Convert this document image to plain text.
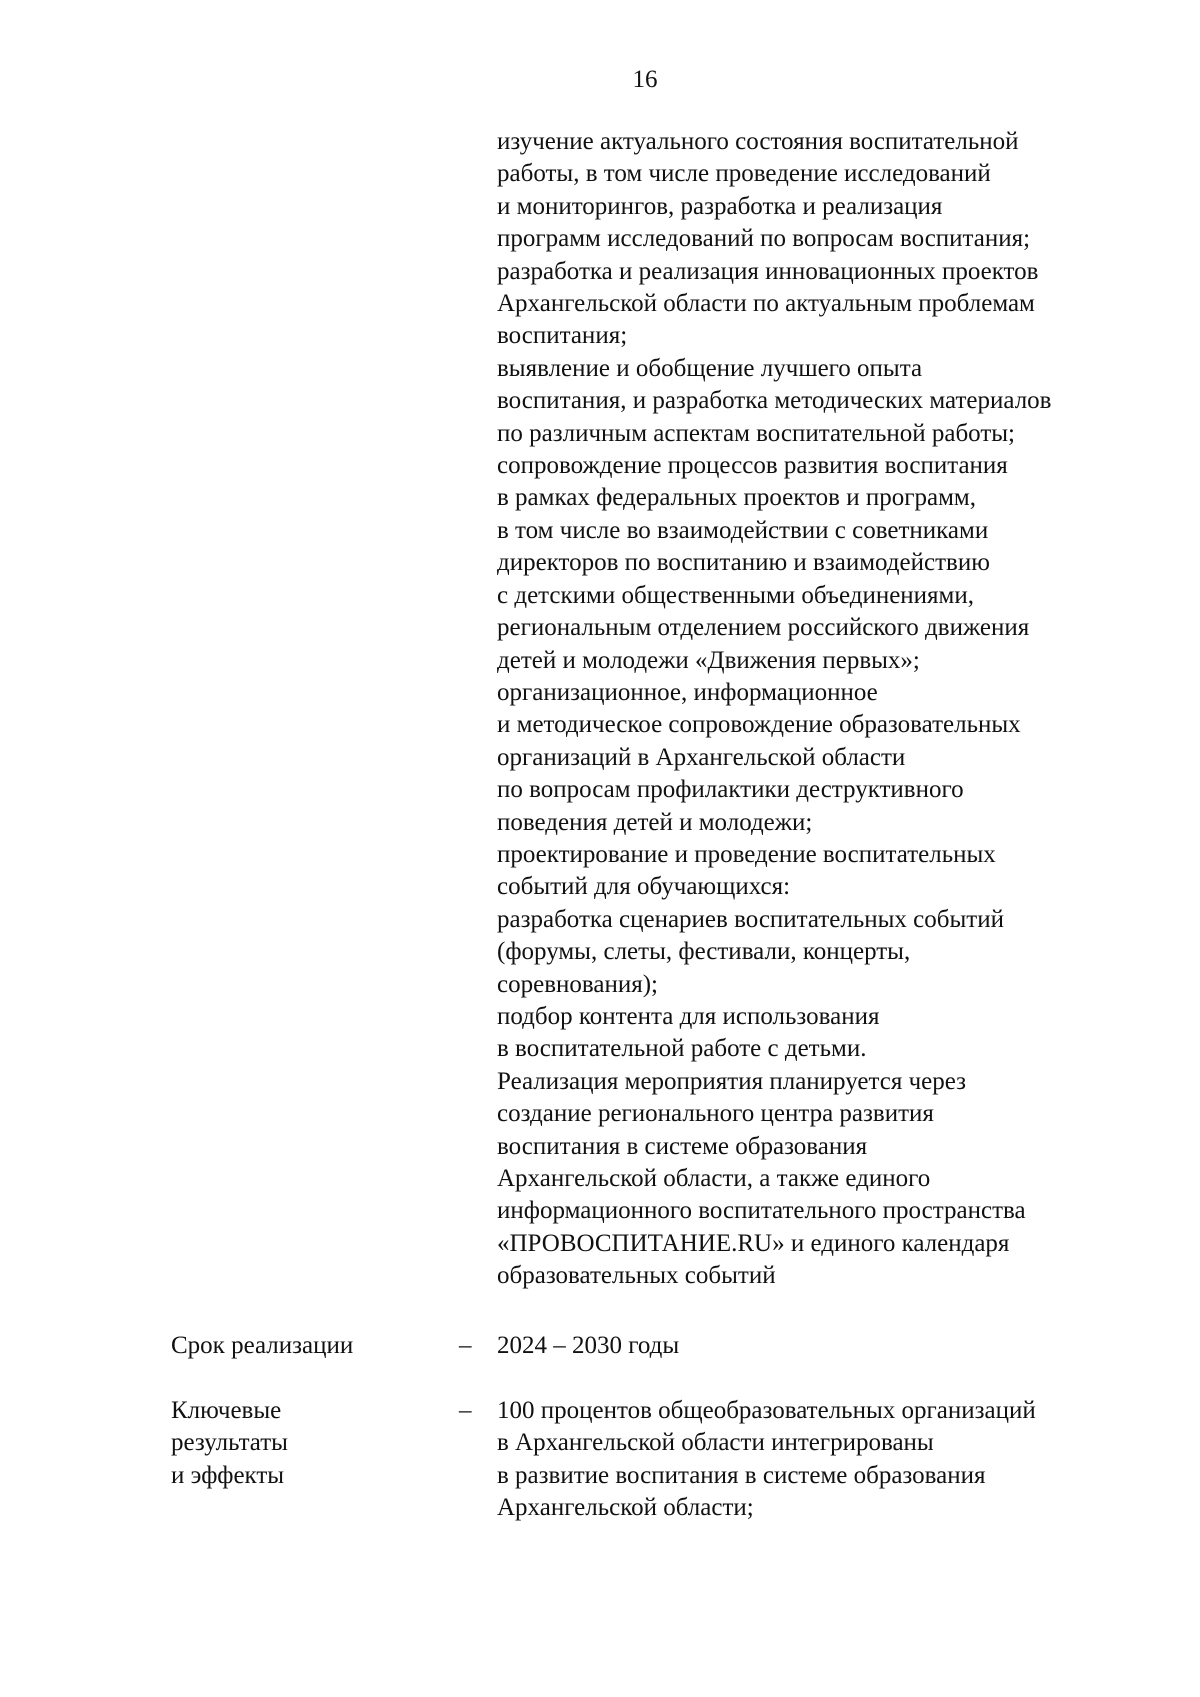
16
изучение актуального состояния воспитательной
работы, в том числе проведение исследований
и мониторингов, разработка и реализация
программ исследований по вопросам воспитания;
разработка и реализация инновационных проектов
Архангельской области по актуальным проблемам
воспитания;
выявление и обобщение лучшего опыта
воспитания, и разработка методических материалов
по различным аспектам воспитательной работы;
сопровождение процессов развития воспитания
в рамках федеральных проектов и программ,
в том числе во взаимодействии с советниками
директоров по воспитанию и взаимодействию
с детскими общественными объединениями,
региональным отделением российского движения
детей и молодежи «Движения первых»;
организационное, информационное
и методическое сопровождение образовательных
организаций в Архангельской области
по вопросам профилактики деструктивного
поведения детей и молодежи;
проектирование и проведение воспитательных
событий для обучающихся:
разработка сценариев воспитательных событий
(форумы, слеты, фестивали, концерты,
соревнования);
подбор контента для использования
в воспитательной работе с детьми.
Реализация мероприятия планируется через
создание регионального центра развития
воспитания в системе образования
Архангельской области, а также единого
информационного воспитательного пространства
«ПРОВОСПИТАНИЕ.RU» и единого календаря
образовательных событий
Срок реализации	– 2024 – 2030 годы
Ключевые
результаты
и эффекты
– 100 процентов общеобразовательных организаций
в Архангельской области интегрированы
в развитие воспитания в системе образования
Архангельской области;
